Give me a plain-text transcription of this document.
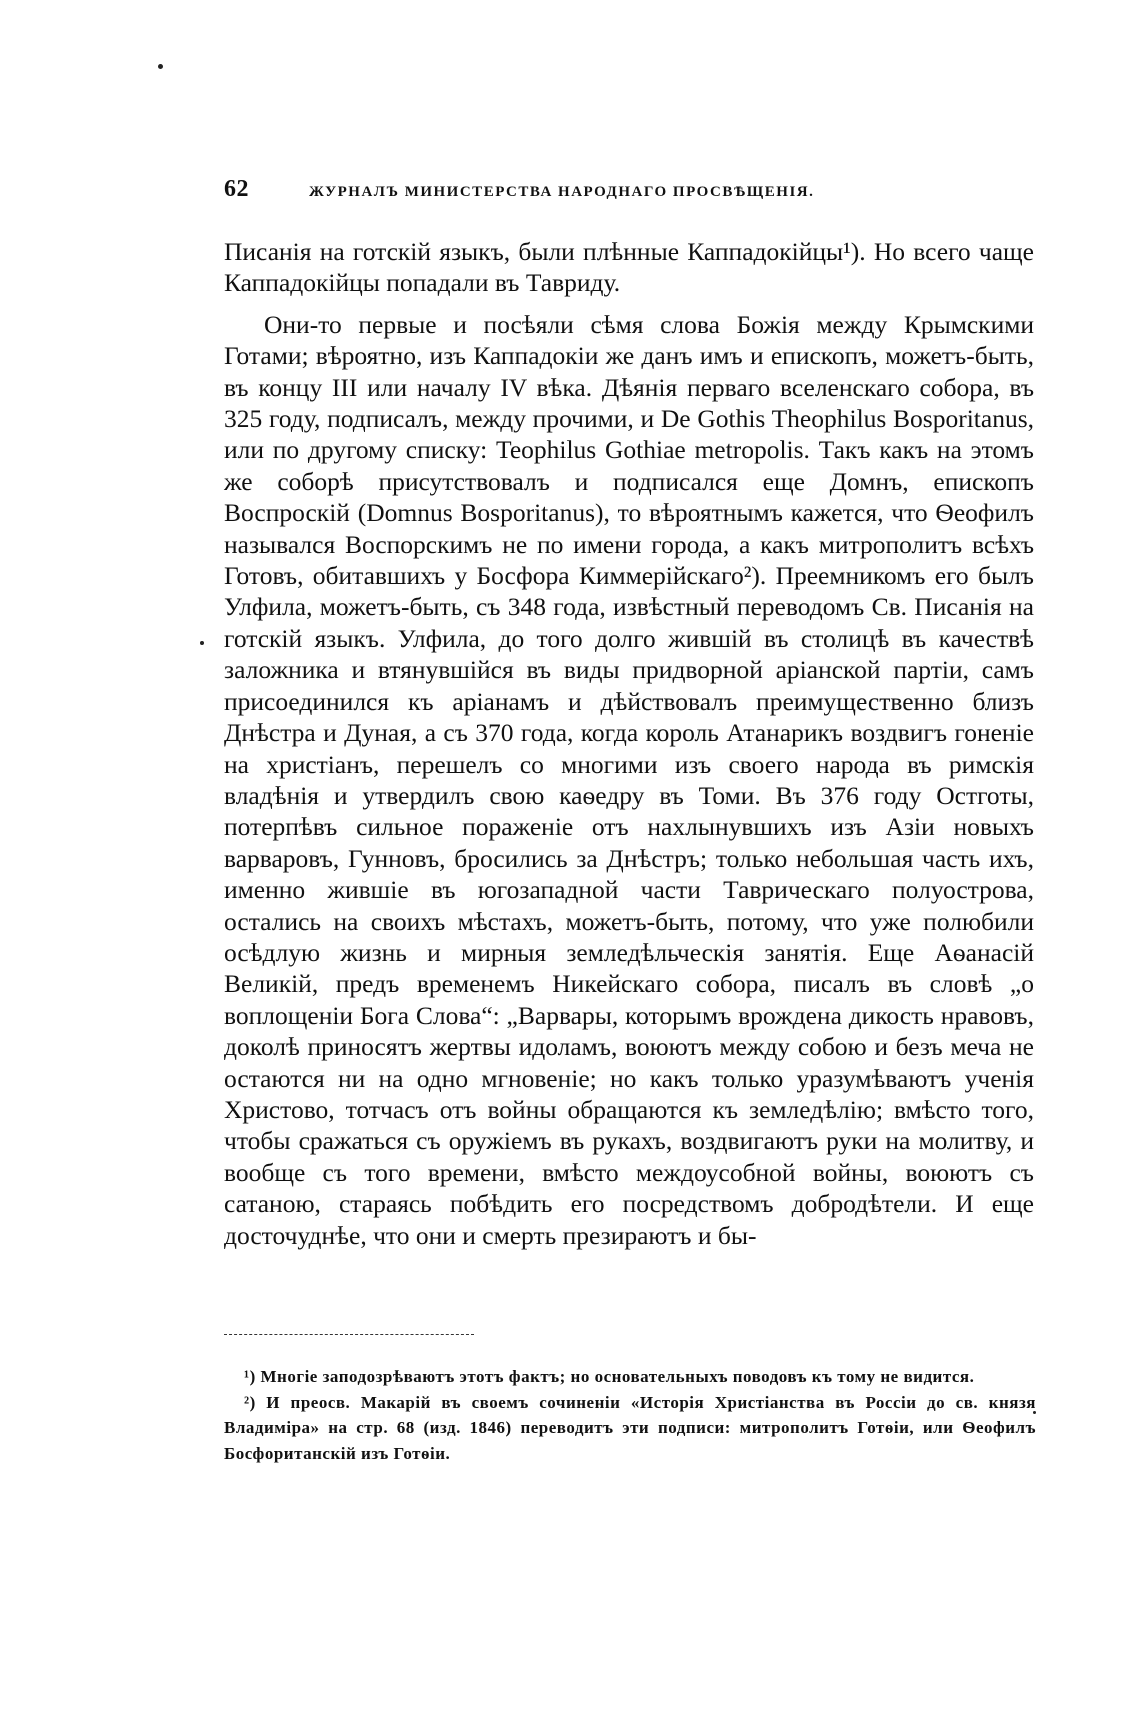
62	ЖУРНАЛЪ МИНИСТЕРСТВА НАРОДНАГО ПРОСВѢЩЕНІЯ.

Писанія на готскій языкъ, были плѣнные Каппадокійцы¹). Но всего чаще Каппадокійцы попадали въ Тавриду.

Они-то первые и посѣяли сѣмя слова Божія между Крымскими Готами; вѣроятно, изъ Каппадокіи же данъ имъ и епископъ, можетъ-быть, въ концу III или началу IV вѣка. Дѣянія перваго вселенскаго собора, въ 325 году, подписалъ, между прочими, и De Gothis Theophilus Bosporitanus, или по другому списку: Teophilus Gothiae metropolis. Такъ какъ на этомъ же соборѣ присутствовалъ и подписался еще Домнъ, епископъ Воспроскій (Domnus Bosporitanus), то вѣроятнымъ кажется, что Ѳеофилъ назывался Воспорскимъ не по имени города, а какъ митрополитъ всѣхъ Готовъ, обитавшихъ у Босфора Киммерійскаго²). Преемникомъ его былъ Улфила, можетъ-быть, съ 348 года, извѣстный переводомъ Св. Писанія на готскій языкъ. Улфила, до того долго жившій въ столицѣ въ качествѣ заложника и втянувшійся въ виды придворной аріанской партіи, самъ присоединился къ аріанамъ и дѣйствовалъ преимущественно близъ Днѣстра и Дуная, а съ 370 года, когда король Атанарикъ воздвигъ гоненіе на христіанъ, перешелъ со многими изъ своего народа въ римскія владѣнія и утвердилъ свою каѳедру въ Томи. Въ 376 году Остготы, потерпѣвъ сильное пораженіе отъ нахлынувшихъ изъ Азіи новыхъ варваровъ, Гунновъ, бросились за Днѣстръ; только небольшая часть ихъ, именно жившіе въ югозападной части Таврическаго полуострова, остались на своихъ мѣстахъ, можетъ-быть, потому, что уже полюбили осѣдлую жизнь и мирныя земледѣльческія занятія. Еще Аѳанасій Великій, предъ временемъ Никейскаго собора, писалъ въ словѣ „о воплощеніи Бога Слова“: „Варвары, которымъ врождена дикость нравовъ, доколѣ приносятъ жертвы идоламъ, воюютъ между собою и безъ меча не остаются ни на одно мгновеніе; но какъ только уразумѣваютъ ученія Христово, тотчасъ отъ войны обращаются къ земледѣлію; вмѣсто того, чтобы сражаться съ оружіемъ въ рукахъ, воздвигаютъ руки на молитву, и вообще съ того времени, вмѣсто междоусобной войны, воюютъ съ сатаною, стараясь побѣдить его посредствомъ добродѣтели. И еще досточуднѣе, что они и смерть презираютъ и бы-

¹) Многіе заподозрѣваютъ этотъ фактъ; но основательныхъ поводовъ къ тому не видится.

²) И преосв. Макарій въ своемъ сочиненіи «Исторія Христіанства въ Россіи до св. князя Владиміра» на стр. 68 (изд. 1846) переводитъ эти подписи: митрополитъ Готѳіи, или Ѳеофилъ Босфоританскій изъ Готѳіи.
